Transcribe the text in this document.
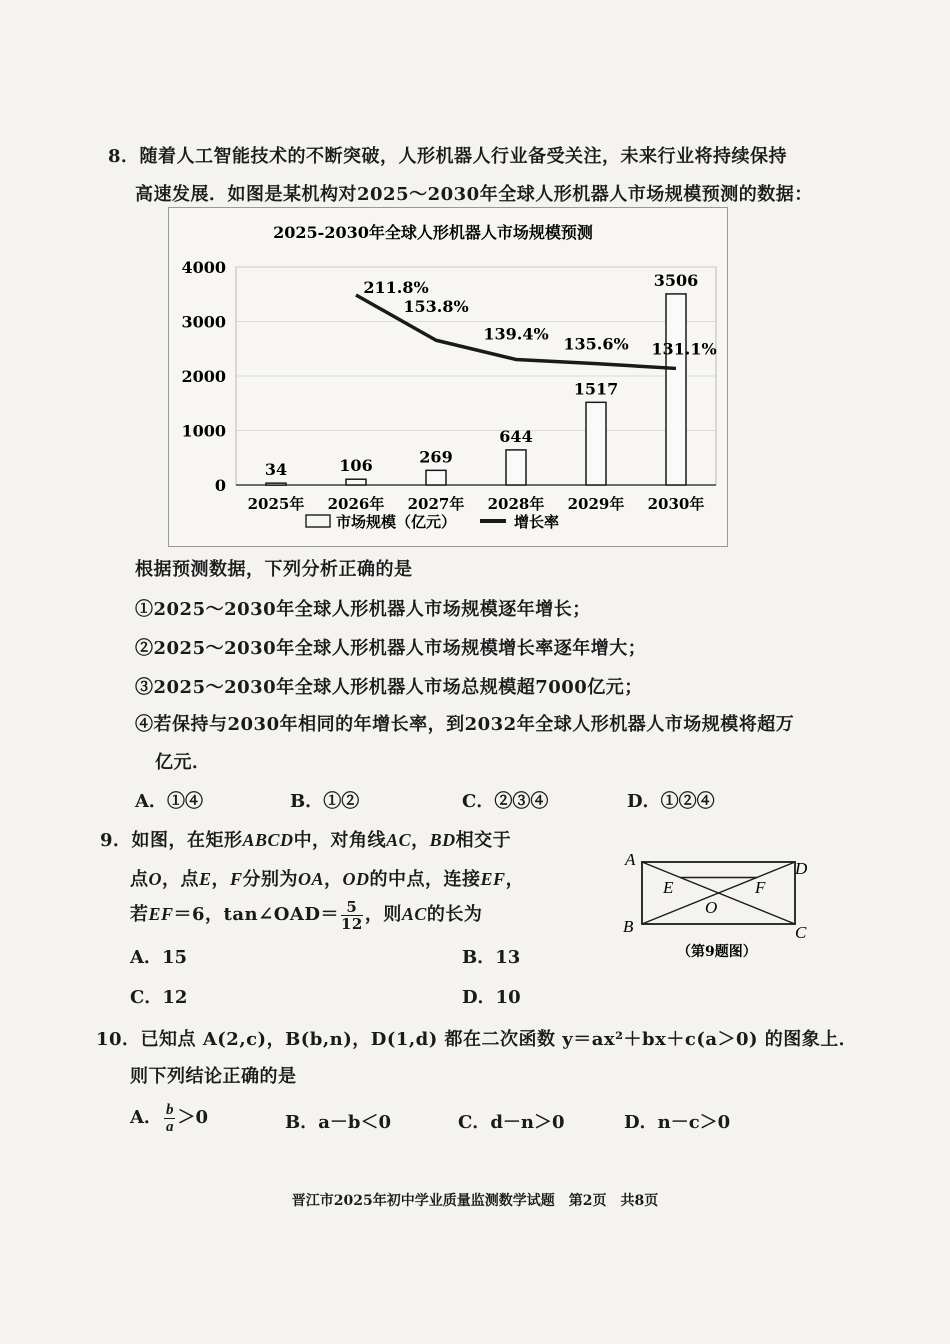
8．随着人工智能技术的不断突破，人形机器人行业备受关注，未来行业将持续保持
高速发展．如图是某机构对2025～2030年全球人形机器人市场规模预测的数据：
2025-2030年全球人形机器人市场规模预测
0
1000
2000
3000
4000
34	106	269
644
1517
3506
2025年 2026年 2027年 2028年 2029年 2030年
211.8%
153.8%
139.4%
135.6% 131.1%
市场规模（亿元）	增长率
根据预测数据，下列分析正确的是
①2025～2030年全球人形机器人市场规模逐年增长；
②2025～2030年全球人形机器人市场规模增长率逐年增大；
③2025～2030年全球人形机器人市场总规模超7000亿元；
④若保持与2030年相同的年增长率，到2032年全球人形机器人市场规模将超万
亿元．
A．①④	B．①②	C．②③④	D．①②④
9．如图，在矩形ABCD中，对角线AC，BD相交于
点O，点E，F分别为OA，OD的中点，连接EF，
若EF＝6，tan∠OAD＝ $\frac{5}{12}$ ，则AC的长为
A．15	B．13
C．12	D．10
A
B	C
D
E	F
O
（第9题图）
10．已知点 A(2,c)，B(b,n)，D(1,d) 都在二次函数 y＝ax²＋bx＋c(a＞0) 的图象上．
则下列结论正确的是
A． $\frac{b}{a} >0$	B．a－b＜0	C．d－n＞0	D．n－c＞0
晋江市2025年初中学业质量监测数学试题　第2页　共8页
